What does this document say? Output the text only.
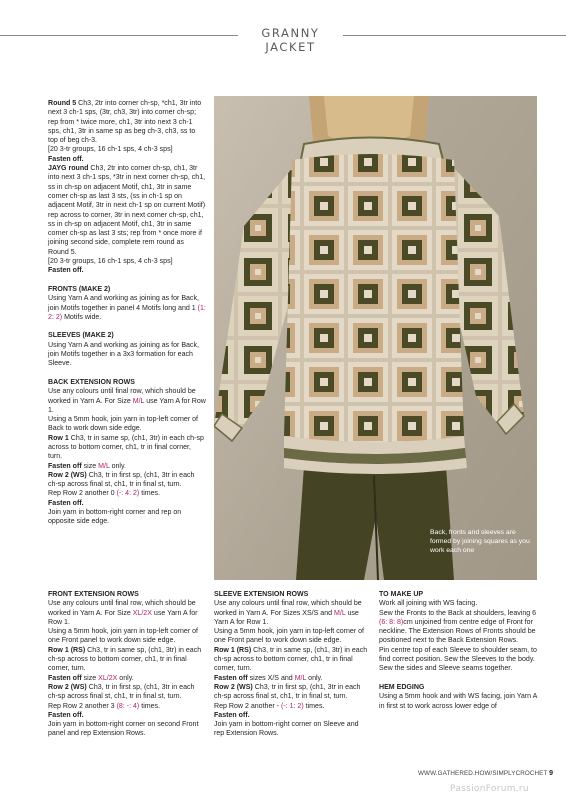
GRANNY JACKET

Round 5 Ch3, 2tr into corner ch-sp, *ch1, 3tr into next 3 ch-1 sps, (3tr, ch3, 3tr) into corner ch-sp; rep from * twice more, ch1, 3tr into next 3 ch-1 sps, ch1, 3tr in same sp as beg ch-3, ch3, ss to top of beg ch-3.

[20 3-tr groups, 16 ch-1 sps, 4 ch-3 sps]

Fasten off.

JAYG round Ch3, 2tr into corner ch-sp, ch1, 3tr into next 3 ch-1 sps, *3tr in next corner ch-sp, ch1, ss in ch-sp on adjacent Motif, ch1, 3tr in same corner ch-sp as last 3 sts, (ss in ch-1 sp on adjacent Motif, 3tr in next ch-1 sp on current Motif) rep across to corner, 3tr in next corner ch-sp, ch1, ss in ch-sp on adjacent Motif, ch1, 3tr in same corner ch-sp as last 3 sts; rep from * once more if joining second side, complete rem round as Round 5.

[20 3-tr groups, 16 ch-1 sps, 4 ch-3 sps]

Fasten off.

FRONTS (MAKE 2)

Using Yarn A and working as joining as for Back, join Motifs together in panel 4 Motifs long and 1 (1: 2: 2) Motifs wide.

SLEEVES (MAKE 2)

Using Yarn A and working as joining as for Back, join Motifs together in a 3x3 formation for each Sleeve.

BACK EXTENSION ROWS

Use any colours until final row, which should be worked in Yarn A. For Size M/L use Yarn A for Row 1.

Using a 5mm hook, join yarn in top-left corner of Back to work down side edge.

Row 1 Ch3, tr in same sp, (ch1, 3tr) in each ch-sp across to bottom corner, ch1, tr in final corner, turn.

Fasten off size M/L only.

Row 2 (WS) Ch3, tr in first sp, (ch1, 3tr in each ch-sp across final st, ch1, tr in final st, turn.

Rep Row 2 another 0 (-: 4: 2) times.

Fasten off.

Join yarn in bottom-right corner and rep on opposite side edge.

FRONT EXTENSION ROWS

Use any colours until final row, which should be worked in Yarn A. For Size XL/2X use Yarn A for Row 1.

Using a 5mm hook, join yarn in top-left corner of one Front panel to work down side edge.

Row 1 (RS) Ch3, tr in same sp, (ch1, 3tr) in each ch-sp across to bottom corner, ch1, tr in final corner, turn.

Fasten off size XL/2X only.

Row 2 (WS) Ch3, tr in first sp, (ch1, 3tr in each ch-sp across final st, ch1, tr in final st, turn.

Rep Row 2 another 3 (8: -: 4) times.

Fasten off.

Join yarn in bottom-right corner on second Front panel and rep Extension Rows.

SLEEVE EXTENSION ROWS

Use any colours until final row, which should be worked in Yarn A. For Sizes XS/S and M/L use Yarn A for Row 1.

Using a 5mm hook, join yarn in top-left corner of one Front panel to work down side edge.

Row 1 (RS) Ch3, tr in same sp, (ch1, 3tr) in each ch-sp across to bottom corner, ch1, tr in final corner, turn.

Fasten off sizes X/S and M/L only.

Row 2 (WS) Ch3, tr in first sp, (ch1, 3tr in each ch-sp across final st, ch1, tr in final st, turn.

Rep Row 2 another - (-: 1: 2) times.

Fasten off.

Join yarn in bottom-right corner on Sleeve and rep Extension Rows.

TO MAKE UP

Work all joining with WS facing.

Sew the Fronts to the Back at shoulders, leaving 6 (6: 8: 8)cm unjoined from centre edge of Front for neckline. The Extension Rows of Fronts should be positioned next to the Back Extension Rows.

Pin centre top of each Sleeve to shoulder seam, to find correct position. Sew the Sleeves to the body.

Sew the sides and Sleeve seams together.

HEM EDGING

Using a 5mm hook and with WS facing, join Yarn A in first st to work across lower edge of

Back, fronts and sleeves are formed by joining squares as you work each one
WWW.GATHERED.HOW/SIMPLYCROCHET 9
PassionForum.ru
